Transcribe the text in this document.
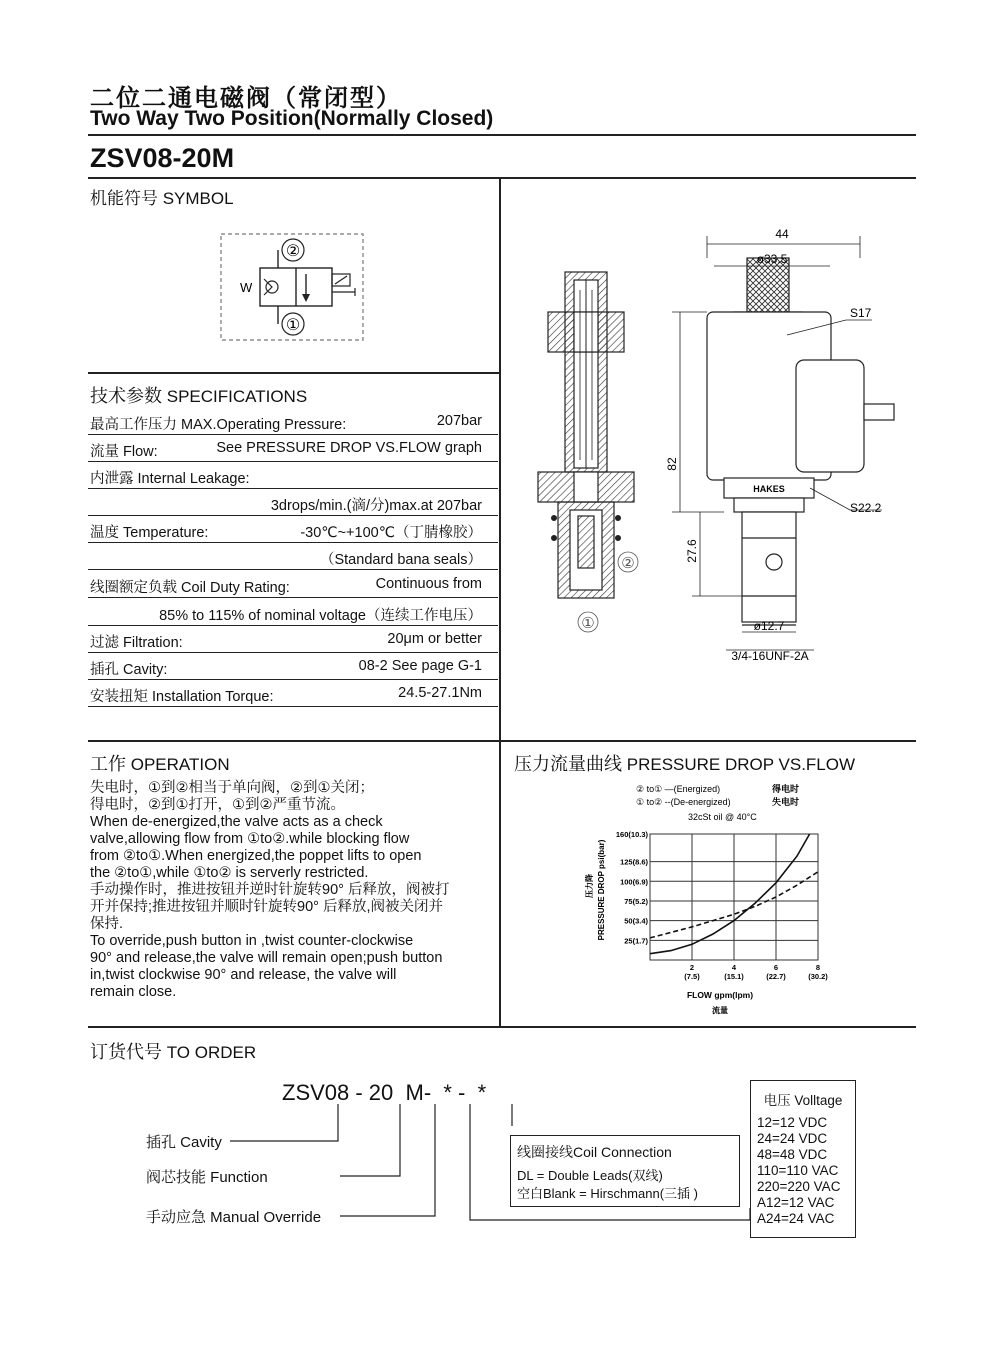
二位二通电磁阀（常闭型）
Two Way Two Position(Normally Closed)
ZSV08-20M
机能符号 SYMBOL
②
①
W
技术参数 SPECIFICATIONS
最高工作压力 MAX.Operating Pressure:	207bar
流量 Flow:	See PRESSURE DROP VS.FLOW graph
内泄露 Internal Leakage:
3drops/min.(滴/分)max.at 207bar
温度 Temperature:	-30℃~+100℃（丁腈橡胶）
（Standard bana seals）
线圈额定负载 Coil Duty Rating:	Continuous from
85% to 115% of nominal voltage（连续工作电压）
过滤 Filtration:	20μm or better
插孔 Cavity:	08-2 See page G-1
安装扭矩 Installation Torque:	24.5-27.1Nm
②
①
HAKES
44
ø33.5
S17
S22.2
82
27.6
ø12.7
3/4-16UNF-2A
工作 OPERATION
失电时，①到②相当于单向阀，②到①关闭；
得电时，②到①打开，①到②严重节流。
When de-energized,the valve acts as a check
valve,allowing flow from ①to②.while blocking flow
from ②to①.When energized,the poppet lifts to open
the ②to①,while ①to② is serverly restricted.
手动操作时，推进按钮并逆时针旋转90° 后释放，阀被打
开并保持;推进按钮并顺时针旋转90° 后释放,阀被关闭并
保持.
To override,push button in ,twist counter-clockwise
90° and release,the valve will remain open;push button
in,twist clockwise 90° and release, the valve will
remain close.
压力流量曲线 PRESSURE DROP VS.FLOW
② to① —(Energized)	得电时
① to② --(De-energized)	失电时
32cSt oil @ 40°C
25(1.7)
50(3.4)
75(5.2)
100(6.9)
125(8.6)
160(10.3)
2
(7.5)
4
(15.1)
6
(22.7)
8
(30.2)
压力降 PRESSURE DROP psi(bar)
FLOW gpm(lpm)
流量
订货代号 TO ORDER
ZSV08 - 20  M-  * -  *
插孔 Cavity
阀芯技能 Function
手动应急 Manual Override
线圈接线Coil Connection
DL = Double Leads(双线)
空白Blank = Hirschmann(三插 )
电压 Volltage
12=12 VDC
24=24 VDC
48=48 VDC
110=110 VAC
220=220 VAC
A12=12 VAC
A24=24 VAC
